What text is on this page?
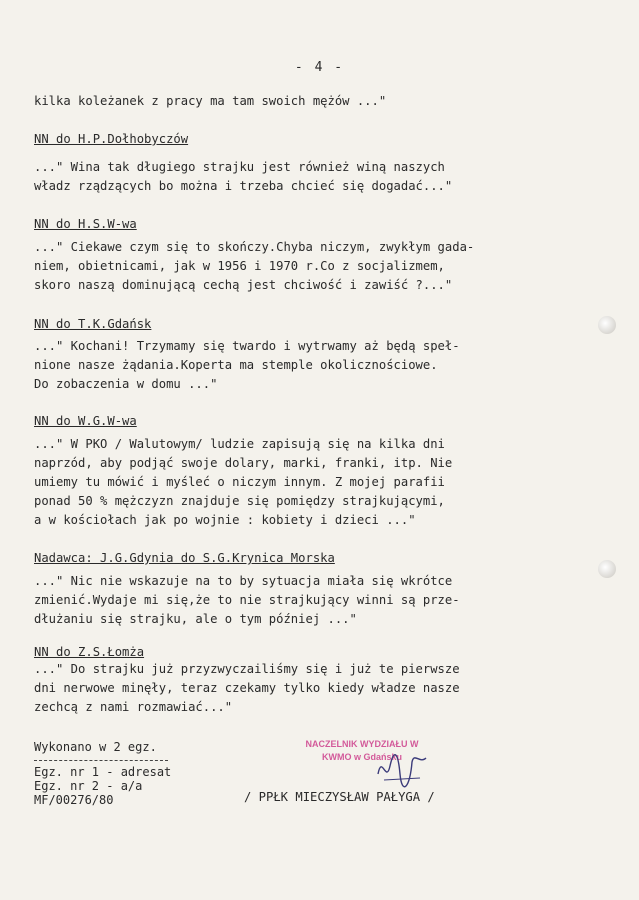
- 4 -
kilka koleżanek z pracy ma tam swoich mężów ..."
NN do H.P.Dołhobyczów
..." Wina tak długiego strajku jest również winą naszych
władz rządzących bo można i trzeba chcieć się dogadać..."
NN do H.S.W-wa
..." Ciekawe czym się to skończy.Chyba niczym, zwykłym gada-
niem, obietnicami, jak w 1956 i 1970 r.Co z socjalizmem,
skoro naszą dominującą cechą jest chciwość i zawiść ?..."
NN do T.K.Gdańsk
..." Kochani! Trzymamy się twardo i wytrwamy aż będą speł-
nione nasze żądania.Koperta ma stemple okolicznościowe.
Do zobaczenia w domu ..."
NN do W.G.W-wa
..." W PKO / Walutowym/ ludzie zapisują się na kilka dni
naprzód, aby podjąć swoje dolary, marki, franki, itp. Nie
umiemy tu mówić i myśleć o niczym innym. Z mojej parafii
ponad 50 % mężczyzn znajduje się pomiędzy strajkującymi,
a w kościołach jak po wojnie : kobiety i dzieci ..."
Nadawca: J.G.Gdynia do S.G.Krynica Morska
..." Nic nie wskazuje na to by sytuacja miała się wkrótce
zmienić.Wydaje mi się,że to nie strajkujący winni są prze-
dłużaniu się strajku, ale o tym później ..."
NN do Z.S.Łomża
..." Do strajku już przyzwyczailiśmy się i już te pierwsze
dni nerwowe minęły, teraz czekamy tylko kiedy władze nasze
zechcą z nami rozmawiać..."
Wykonano w 2 egz.
Egz. nr 1 - adresat
Egz. nr 2 - a/a
MF/00276/80
NACZELNIK WYDZIAŁU W
KWMO w Gdańsku
/ PPŁK MIECZYSŁAW PAŁYGA /
